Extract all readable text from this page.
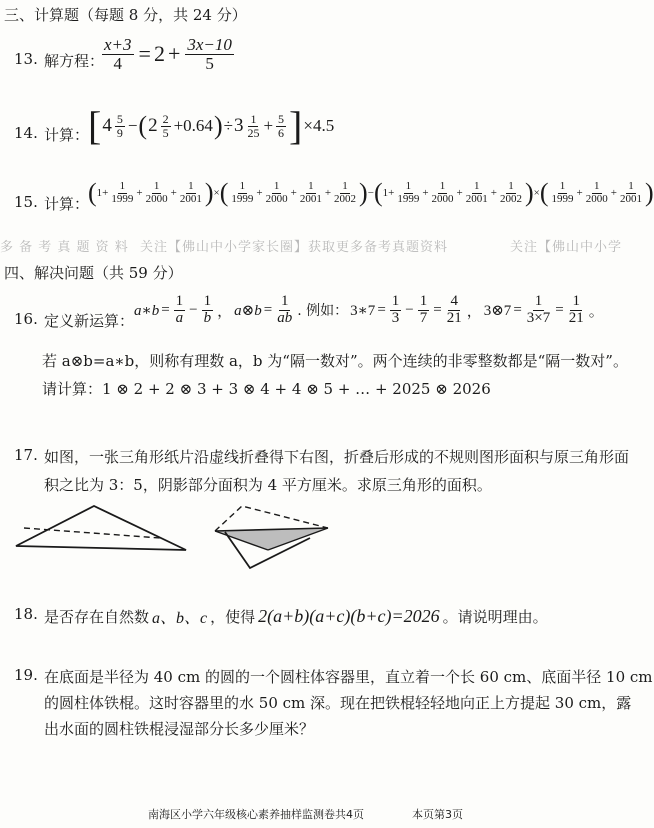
三、计算题（每题 8 分，共 24 分）
13. 解方程：
$\frac{x+3}{4} = 2 + \frac{3x-10}{5}$
14. 计算：
[ $4 \frac{5}{9}$ − ( $2 \frac{2}{5} +0.64$ ) ÷ $3 \frac{1}{25} + \frac{5}{6}$ ] ×4.5
15. 计算：
( $1+ \frac{1}{1999} + \frac{1}{2000} + \frac{1}{2001}$ ) × ( $\frac{1}{1999} + \frac{1}{2000} + \frac{1}{2001} + \frac{1}{2002}$ ) − ( $1+ \frac{1}{1999} + \frac{1}{2000} + \frac{1}{2001} + \frac{1}{2002}$ ) × ( $\frac{1}{1999} + \frac{1}{2000} + \frac{1}{2001}$ )
多 备 考 真 题 资 料 关注【佛山中小学家长圈】获取更多备考真题资料	关注【佛山中小学
四、解决问题（共 59 分）
16. 定义新运算：
a∗b = $\frac{1}{a} - \frac{1}{b}$ ， a⊗b = $\frac{1}{ab}$ . 例如： 3∗7 = $\frac{1}{3} - \frac{1}{7} = \frac{4}{21}$ ， 3⊗7 = $\frac{1}{3\times 7} = \frac{1}{21}$ 。
若 a⊗b=a∗b，则称有理数 a，b 为“隔一数对”。两个连续的非零整数都是“隔一数对”。
请计算：1 ⊗ 2 + 2 ⊗ 3 + 3 ⊗ 4 + 4 ⊗ 5 + … + 2025 ⊗ 2026
17. 如图，一张三角形纸片沿虚线折叠得下右图，折叠后形成的不规则图形面积与原三角形面
积之比为 3：5，阴影部分面积为 4 平方厘米。求原三角形的面积。
18. 是否存在自然数 a、b、c ，使得 2(a+b)(a+c)(b+c)=2026 。请说明理由。
19. 在底面是半径为 40 cm 的圆的一个圆柱体容器里，直立着一个长 60 cm、底面半径 10 cm
的圆柱体铁棍。这时容器里的水 50 cm 深。现在把铁棍轻轻地向正上方提起 30 cm，露
出水面的圆柱铁棍浸湿部分长多少厘米？
南海区小学六年级核心素养抽样监测卷共4页	本页第3页
